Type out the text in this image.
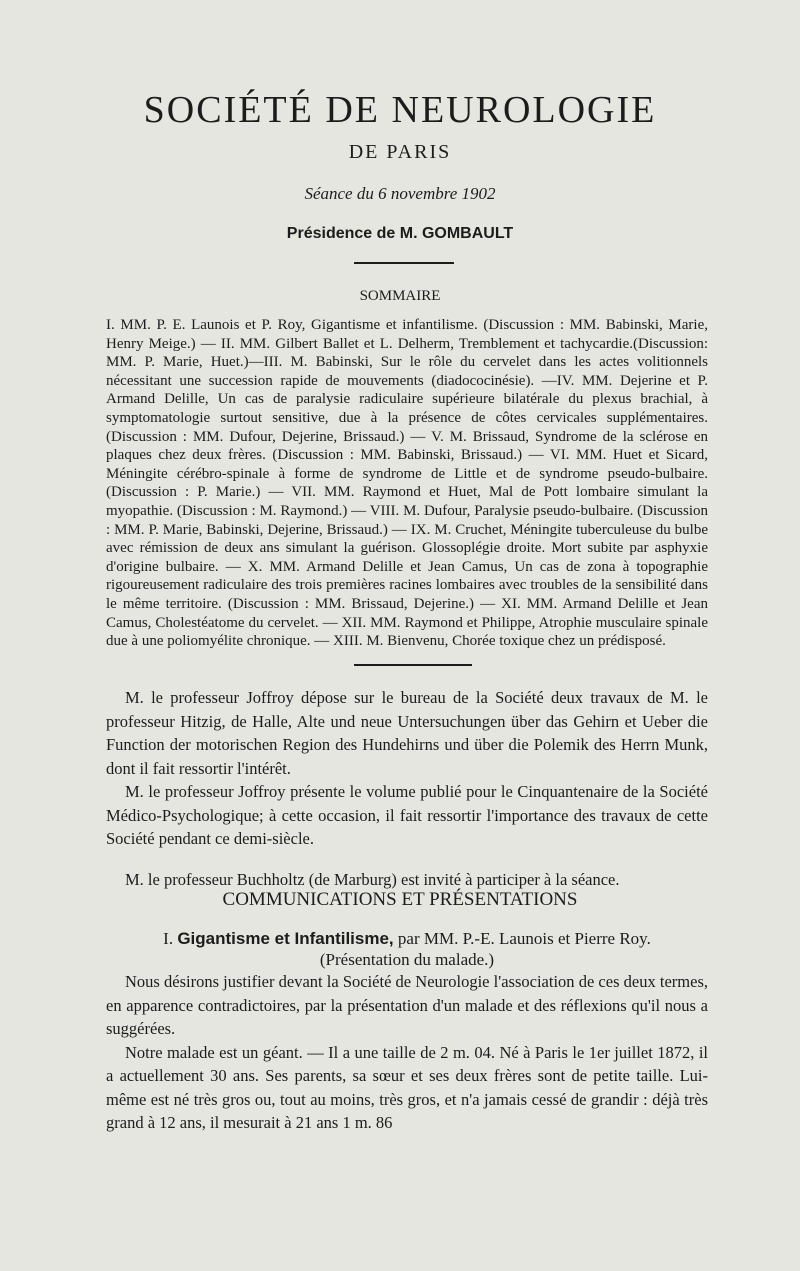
SOCIÉTÉ DE NEUROLOGIE
DE PARIS
Séance du 6 novembre 1902
Présidence de M. GOMBAULT
SOMMAIRE
I. MM. P. E. Launois et P. Roy, Gigantisme et infantilisme. (Discussion : MM. Babinski, Marie, Henry Meige.) — II. MM. Gilbert Ballet et L. Delherm, Tremblement et tachycardie.(Discussion: MM. P. Marie, Huet.)—III. M. Babinski, Sur le rôle du cervelet dans les actes volitionnels nécessitant une succession rapide de mouvements (diadococinésie). —IV. MM. Dejerine et P. Armand Delille, Un cas de paralysie radiculaire supérieure bilatérale du plexus brachial, à symptomatologie surtout sensitive, due à la présence de côtes cervicales supplémentaires. (Discussion : MM. Dufour, Dejerine, Brissaud.) — V. M. Brissaud, Syndrome de la sclérose en plaques chez deux frères. (Discussion : MM. Babinski, Brissaud.) — VI. MM. Huet et Sicard, Méningite cérébro-spinale à forme de syndrome de Little et de syndrome pseudo-bulbaire. (Discussion : P. Marie.) — VII. MM. Raymond et Huet, Mal de Pott lombaire simulant la myopathie. (Discussion : M. Raymond.) — VIII. M. Dufour, Paralysie pseudo-bulbaire. (Discussion : MM. P. Marie, Babinski, Dejerine, Brissaud.) — IX. M. Cruchet, Méningite tuberculeuse du bulbe avec rémission de deux ans simulant la guérison. Glossoplégie droite. Mort subite par asphyxie d'origine bulbaire. — X. MM. Armand Delille et Jean Camus, Un cas de zona à topographie rigoureusement radiculaire des trois premières racines lombaires avec troubles de la sensibilité dans le même territoire. (Discussion : MM. Brissaud, Dejerine.) — XI. MM. Armand Delille et Jean Camus, Cholestéatome du cervelet. — XII. MM. Raymond et Philippe, Atrophie musculaire spinale due à une poliomyélite chronique. — XIII. M. Bienvenu, Chorée toxique chez un prédisposé.

M. le professeur Joffroy dépose sur le bureau de la Société deux travaux de M. le professeur Hitzig, de Halle, Alte und neue Untersuchungen über das Gehirn et Ueber die Function der motorischen Region des Hundehirns und über die Polemik des Herrn Munk, dont il fait ressortir l'intérêt.

M. le professeur Joffroy présente le volume publié pour le Cinquantenaire de la Société Médico-Psychologique; à cette occasion, il fait ressortir l'importance des travaux de cette Société pendant ce demi-siècle.

M. le professeur Buchholtz (de Marburg) est invité à participer à la séance.

COMMUNICATIONS ET PRÉSENTATIONS
I. Gigantisme et Infantilisme, par MM. P.-E. Launois et Pierre Roy.
(Présentation du malade.)

Nous désirons justifier devant la Société de Neurologie l'association de ces deux termes, en apparence contradictoires, par la présentation d'un malade et des réflexions qu'il nous a suggérées.

Notre malade est un géant. — Il a une taille de 2 m. 04. Né à Paris le 1er juillet 1872, il a actuellement 30 ans. Ses parents, sa sœur et ses deux frères sont de petite taille. Lui-même est né très gros ou, tout au moins, très gros, et n'a jamais cessé de grandir : déjà très grand à 12 ans, il mesurait à 21 ans 1 m. 86
